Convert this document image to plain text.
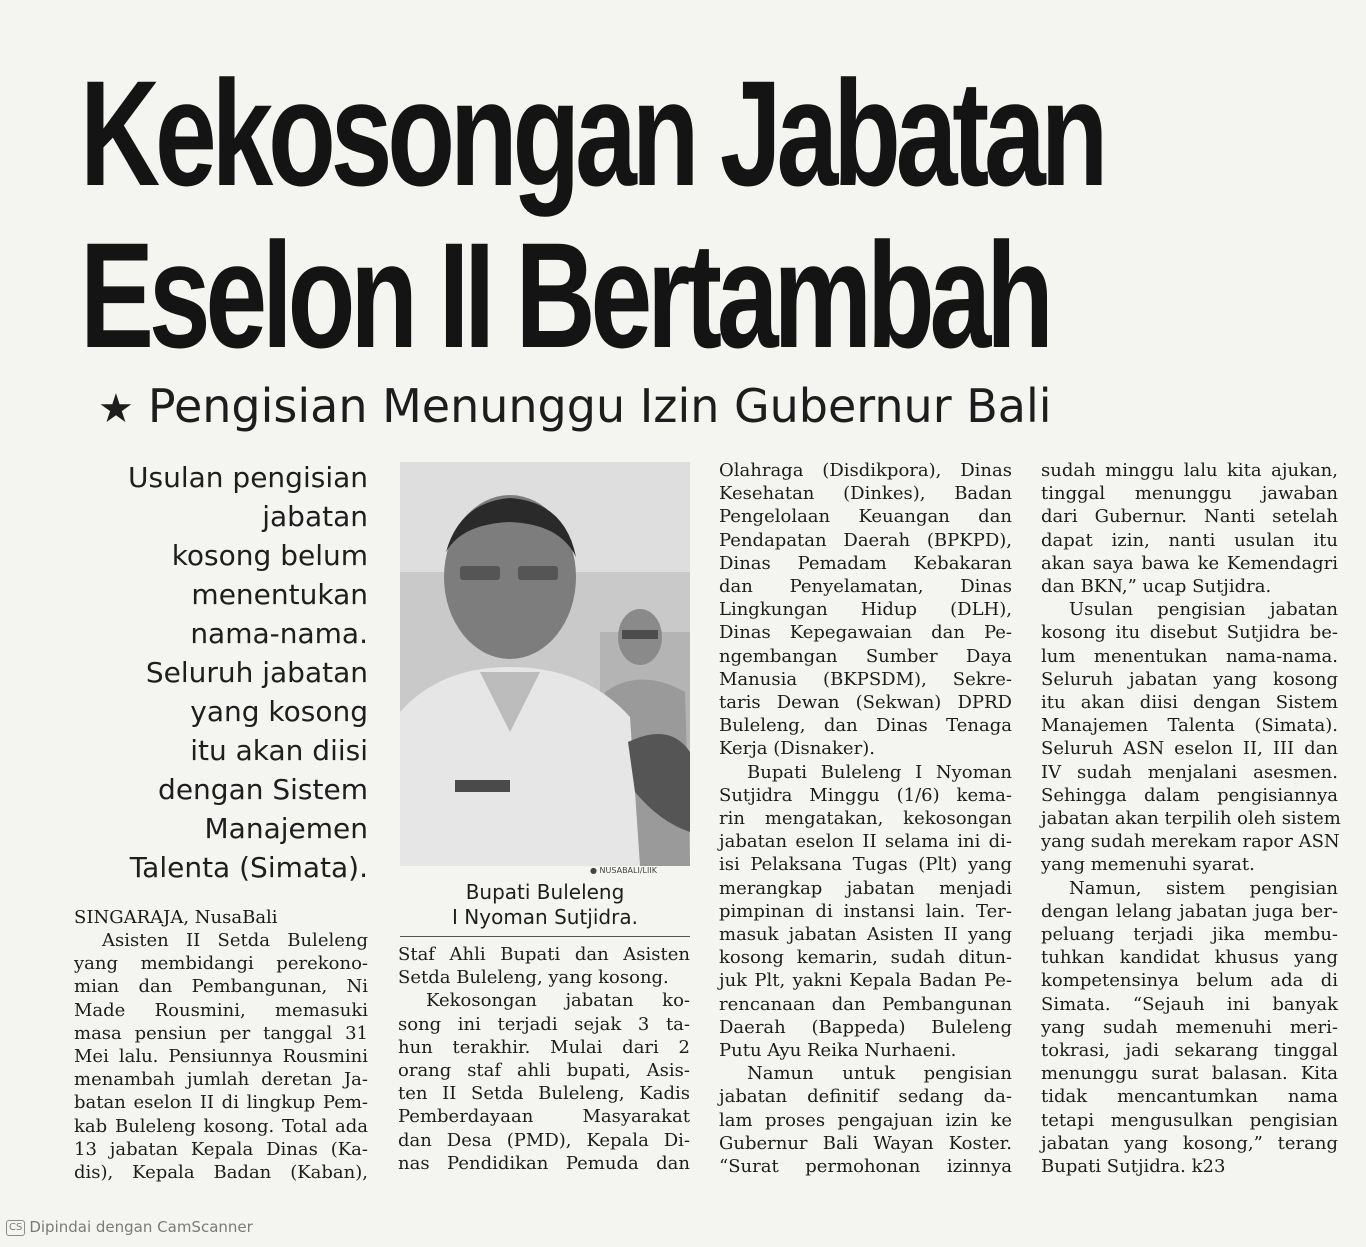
Kekosongan Jabatan
Eselon II Bertambah
★ Pengisian Menunggu Izin Gubernur Bali
Usulan pengisian
jabatan
kosong belum
menentukan
nama-nama.
Seluruh jabatan
yang kosong
itu akan diisi
dengan Sistem
Manajemen
Talenta (Simata).	● NUSABALI/LIIK
Bupati Buleleng
I Nyoman Sutjidra.
SINGARAJA, NusaBali
Asisten II Setda Buleleng
yang membidangi perekono-
mian dan Pembangunan, Ni
Made Rousmini, memasuki
masa pensiun per tanggal 31
Mei lalu. Pensiunnya Rousmini
menambah jumlah deretan Ja-
batan eselon II di lingkup Pem-
kab Buleleng kosong. Total ada
13 jabatan Kepala Dinas (Ka-
dis), Kepala Badan (Kaban),
Staf Ahli Bupati dan Asisten
Setda Buleleng, yang kosong.
Kekosongan jabatan ko-
song ini terjadi sejak 3 ta-
hun terakhir. Mulai dari 2
orang staf ahli bupati, Asis-
ten II Setda Buleleng, Kadis
Pemberdayaan Masyarakat
dan Desa (PMD), Kepala Di-
nas Pendidikan Pemuda dan
Olahraga (Disdikpora), Dinas
Kesehatan (Dinkes), Badan
Pengelolaan Keuangan dan
Pendapatan Daerah (BPKPD),
Dinas Pemadam Kebakaran
dan Penyelamatan, Dinas
Lingkungan Hidup (DLH),
Dinas Kepegawaian dan Pe-
ngembangan Sumber Daya
Manusia (BKPSDM), Sekre-
taris Dewan (Sekwan) DPRD
Buleleng, dan Dinas Tenaga
Kerja (Disnaker).
Bupati Buleleng I Nyoman
Sutjidra Minggu (1/6) kema-
rin mengatakan, kekosongan
jabatan eselon II selama ini di-
isi Pelaksana Tugas (Plt) yang
merangkap jabatan menjadi
pimpinan di instansi lain. Ter-
masuk jabatan Asisten II yang
kosong kemarin, sudah ditun-
juk Plt, yakni Kepala Badan Pe-
rencanaan dan Pembangunan
Daerah (Bappeda) Buleleng
Putu Ayu Reika Nurhaeni.
Namun untuk pengisian
jabatan definitif sedang da-
lam proses pengajuan izin ke
Gubernur Bali Wayan Koster.
“Surat permohonan izinnya
sudah minggu lalu kita ajukan,
tinggal menunggu jawaban
dari Gubernur. Nanti setelah
dapat izin, nanti usulan itu
akan saya bawa ke Kemendagri
dan BKN,” ucap Sutjidra.
Usulan pengisian jabatan
kosong itu disebut Sutjidra be-
lum menentukan nama-nama.
Seluruh jabatan yang kosong
itu akan diisi dengan Sistem
Manajemen Talenta (Simata).
Seluruh ASN eselon II, III dan
IV sudah menjalani asesmen.
Sehingga dalam pengisiannya
jabatan akan terpilih oleh sistem
yang sudah merekam rapor ASN
yang memenuhi syarat.
Namun, sistem pengisian
dengan lelang jabatan juga ber-
peluang terjadi jika membu-
tuhkan kandidat khusus yang
kompetensinya belum ada di
Simata. “Sejauh ini banyak
yang sudah memenuhi meri-
tokrasi, jadi sekarang tinggal
menunggu surat balasan. Kita
tidak mencantumkan nama
tetapi mengusulkan pengisian
jabatan yang kosong,” terang
Bupati Sutjidra. k23
CS Dipindai dengan CamScanner
